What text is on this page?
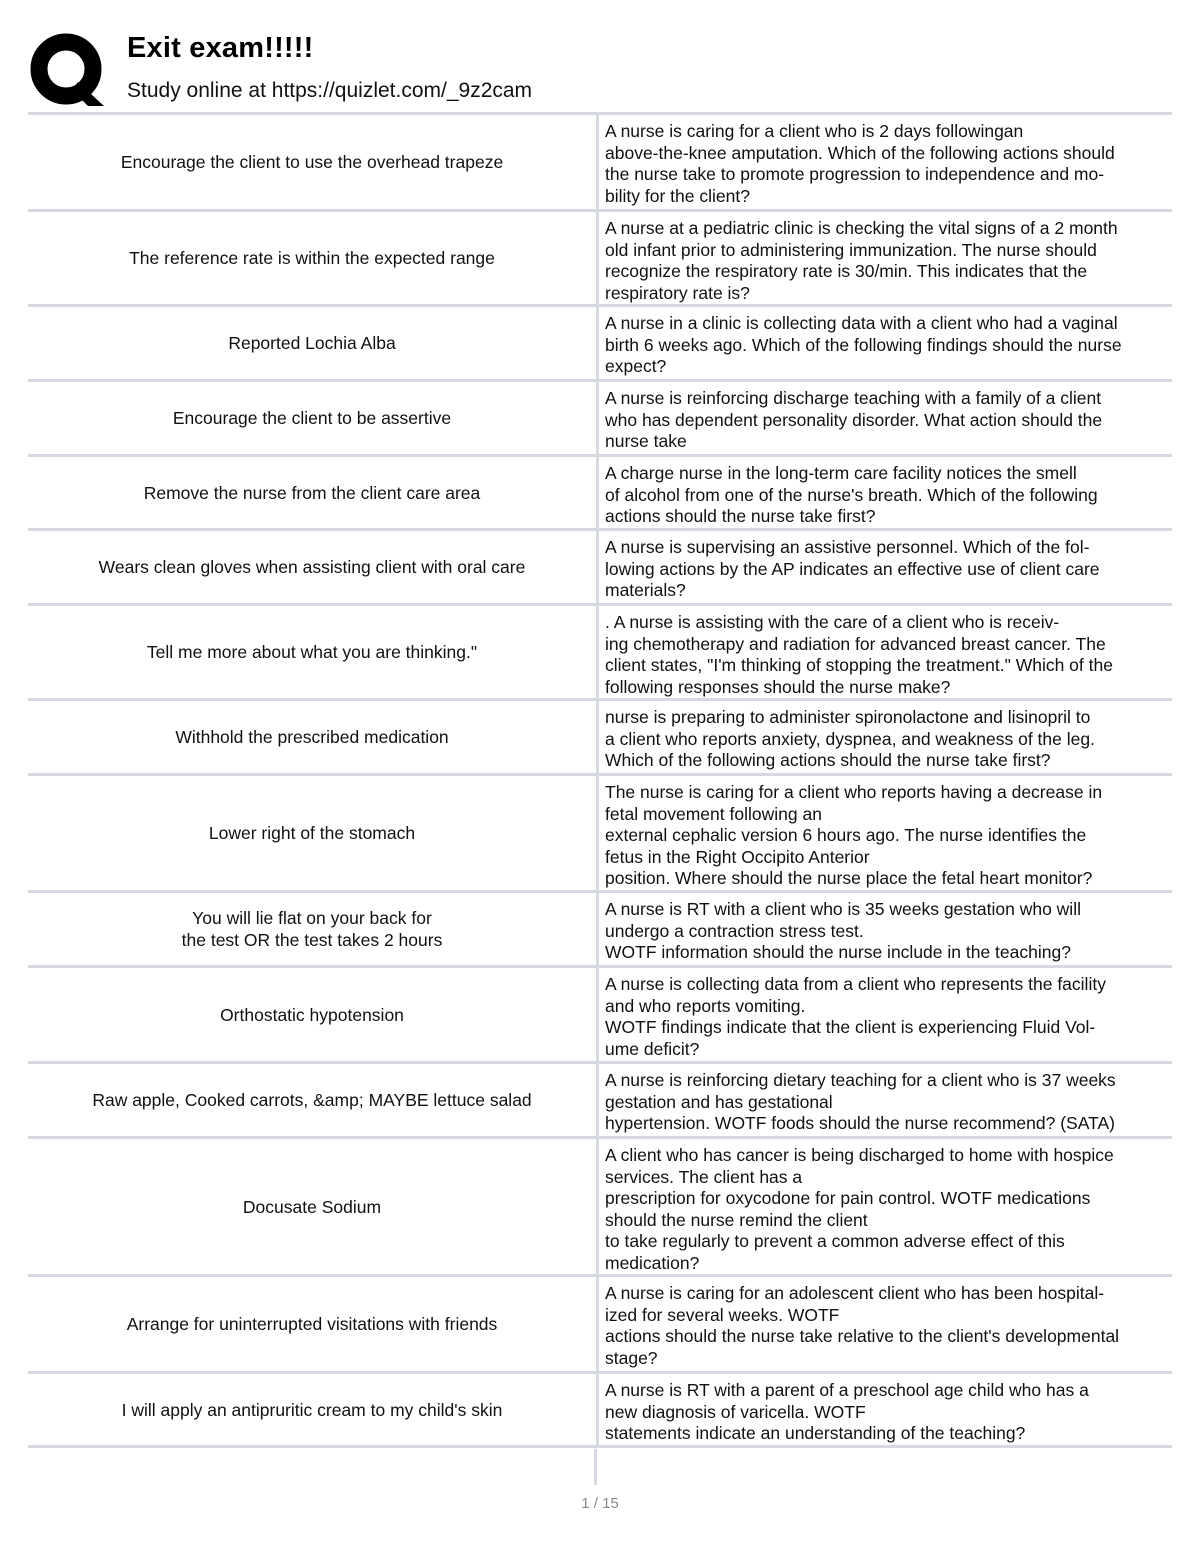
Exit exam!!!!!
Study online at https://quizlet.com/_9z2cam
Encourage the client to use the overhead trapeze
A nurse is caring for a client who is 2 days followingan
above-the-knee amputation. Which of the following actions should
the nurse take to promote progression to independence and mo-
bility for the client?
The reference rate is within the expected range
A nurse at a pediatric clinic is checking the vital signs of a 2 month
old infant prior to administering immunization. The nurse should
recognize the respiratory rate is 30/min. This indicates that the
respiratory rate is?
Reported Lochia Alba
A nurse in a clinic is collecting data with a client who had a vaginal
birth 6 weeks ago. Which of the following findings should the nurse
expect?
Encourage the client to be assertive
A nurse is reinforcing discharge teaching with a family of a client
who has dependent personality disorder. What action should the
nurse take
Remove the nurse from the client care area
A charge nurse in the long-term care facility notices the smell
of alcohol from one of the nurse's breath. Which of the following
actions should the nurse take first?
Wears clean gloves when assisting client with oral care
A nurse is supervising an assistive personnel. Which of the fol-
lowing actions by the AP indicates an effective use of client care
materials?
Tell me more about what you are thinking."
. A nurse is assisting with the care of a client who is receiv-
ing chemotherapy and radiation for advanced breast cancer. The
client states, "I'm thinking of stopping the treatment." Which of the
following responses should the nurse make?
Withhold the prescribed medication
nurse is preparing to administer spironolactone and lisinopril to
a client who reports anxiety, dyspnea, and weakness of the leg.
Which of the following actions should the nurse take first?
Lower right of the stomach
The nurse is caring for a client who reports having a decrease in
fetal movement following an
external cephalic version 6 hours ago. The nurse identifies the
fetus in the Right Occipito Anterior
position. Where should the nurse place the fetal heart monitor?
You will lie flat on your back for
the test OR the test takes 2 hours
A nurse is RT with a client who is 35 weeks gestation who will
undergo a contraction stress test.
WOTF information should the nurse include in the teaching?
Orthostatic hypotension
A nurse is collecting data from a client who represents the facility
and who reports vomiting.
WOTF findings indicate that the client is experiencing Fluid Vol-
ume deficit?
Raw apple, Cooked carrots, &amp; MAYBE lettuce salad
A nurse is reinforcing dietary teaching for a client who is 37 weeks
gestation and has gestational
hypertension. WOTF foods should the nurse recommend? (SATA)
Docusate Sodium
A client who has cancer is being discharged to home with hospice
services. The client has a
prescription for oxycodone for pain control. WOTF medications
should the nurse remind the client
to take regularly to prevent a common adverse effect of this
medication?
Arrange for uninterrupted visitations with friends
A nurse is caring for an adolescent client who has been hospital-
ized for several weeks. WOTF
actions should the nurse take relative to the client's developmental
stage?
I will apply an antipruritic cream to my child's skin
A nurse is RT with a parent of a preschool age child who has a
new diagnosis of varicella. WOTF
statements indicate an understanding of the teaching?
1 / 15
